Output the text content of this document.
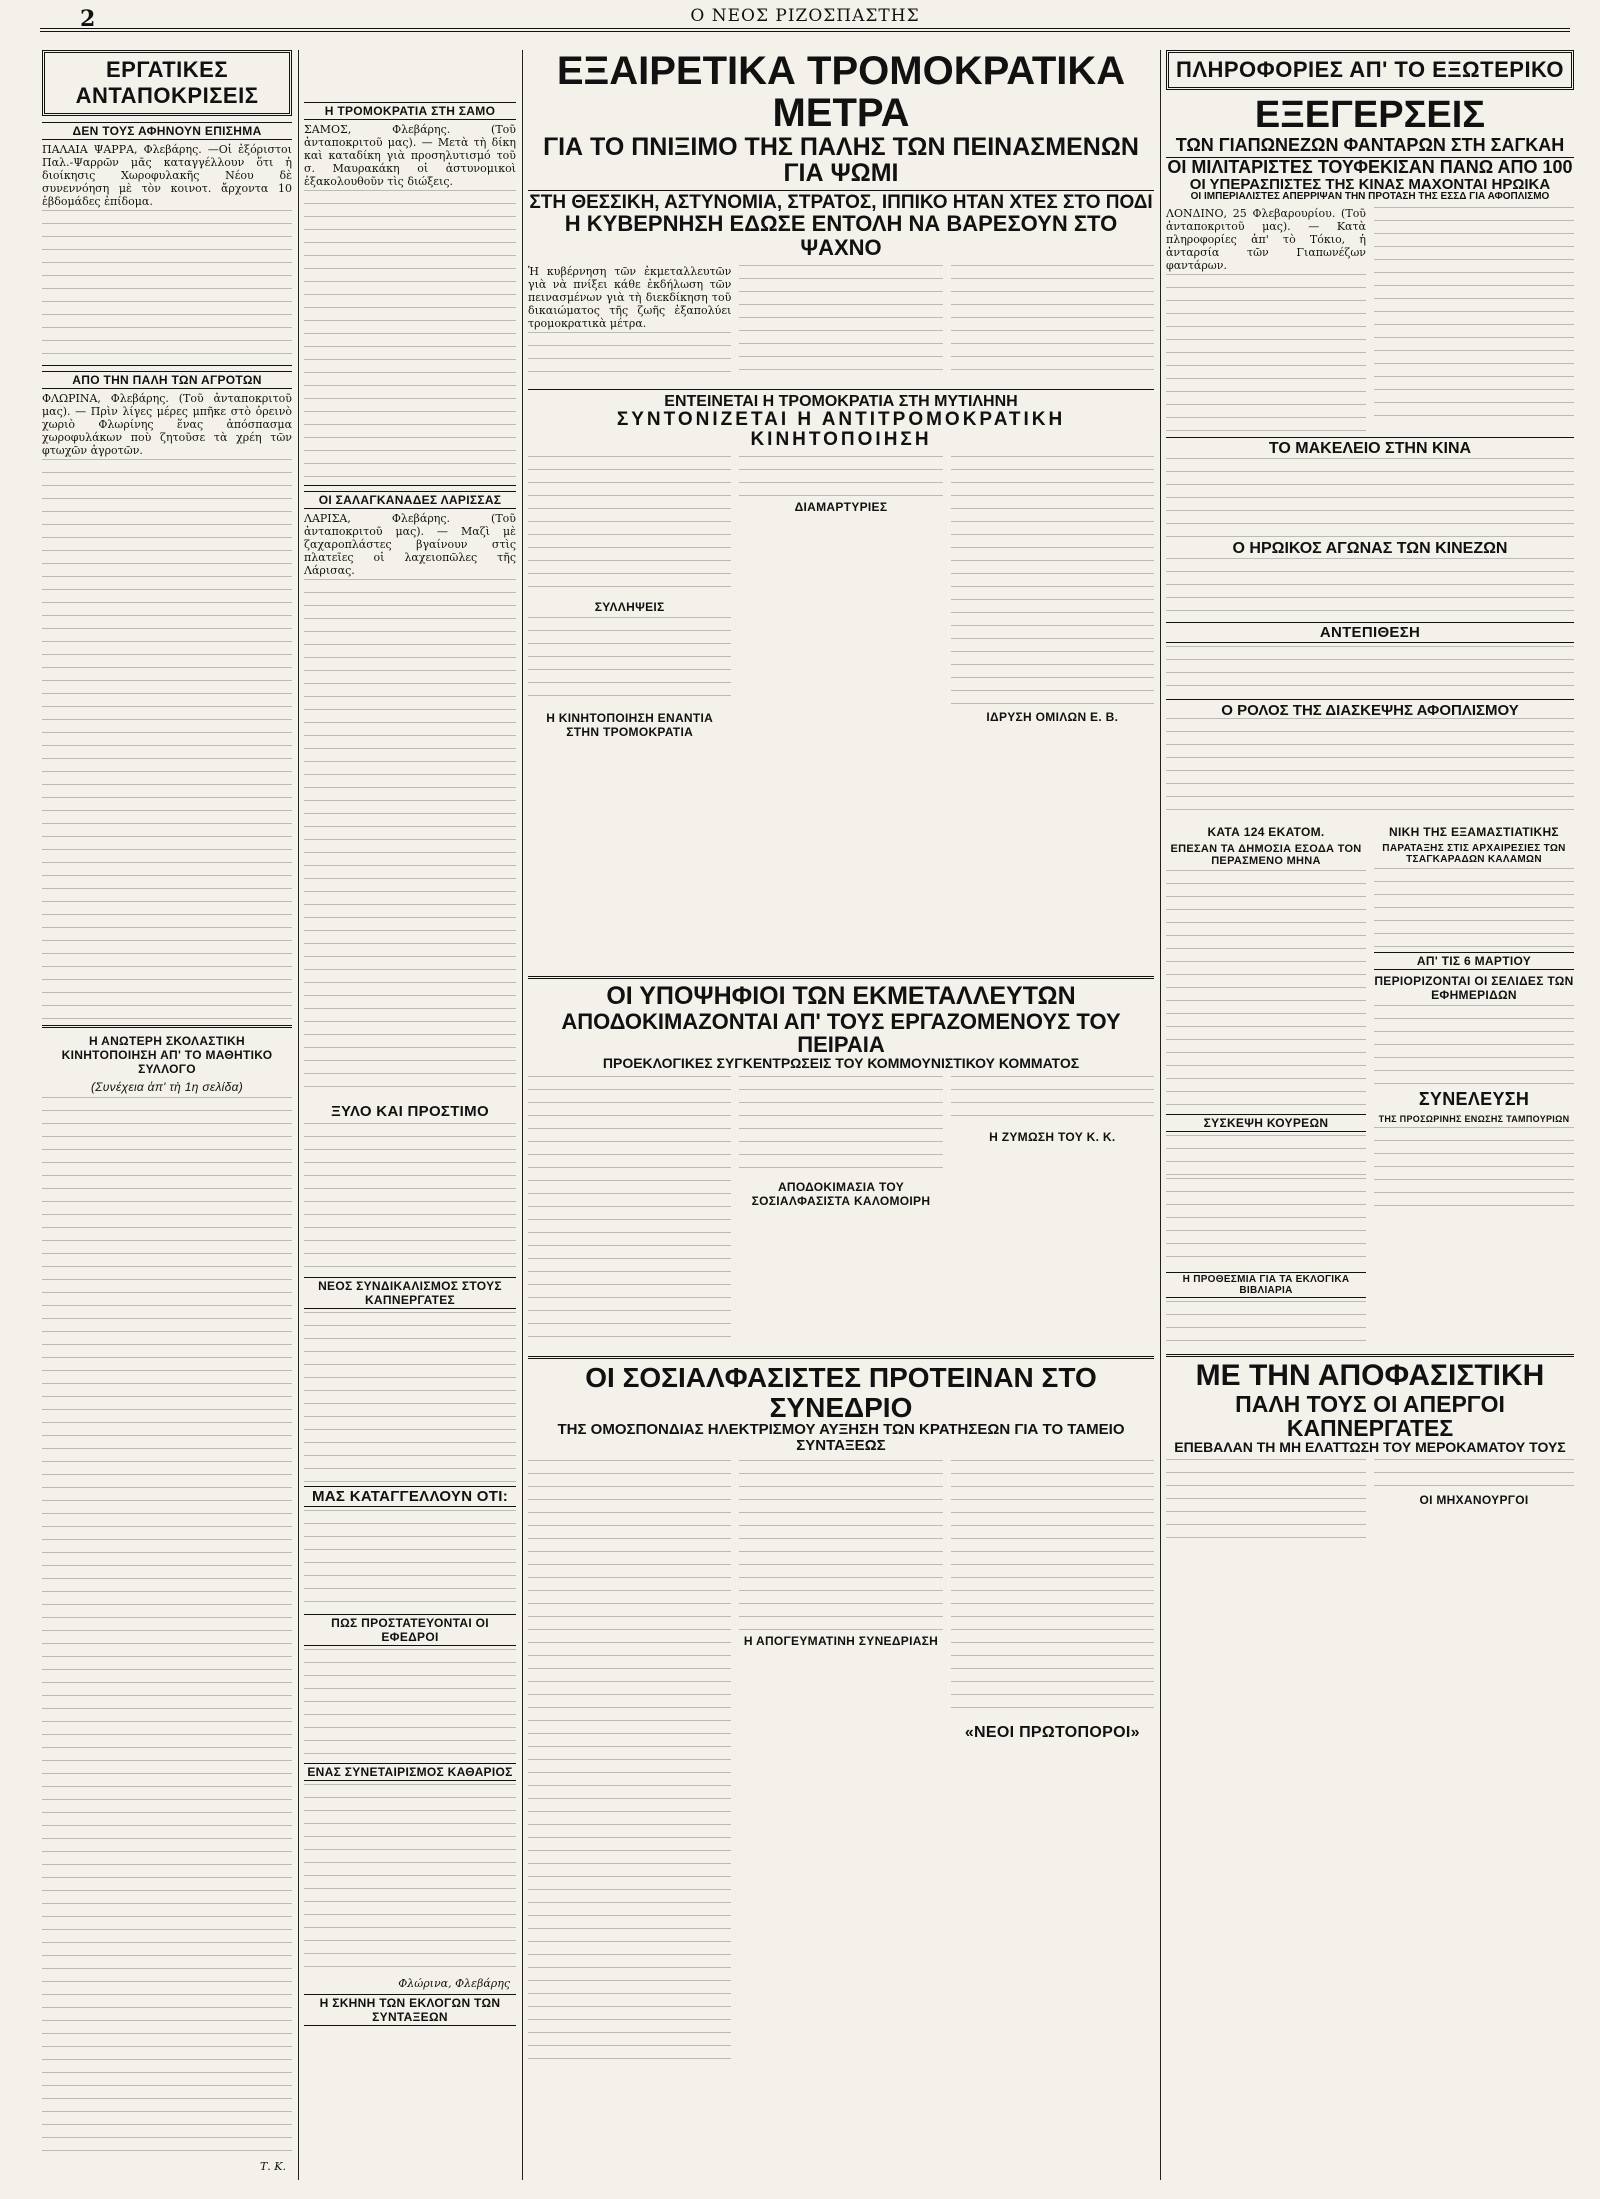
2	Ο ΝΕΟΣ ΡΙΖΟΣΠΑΣΤΗΣ
ΕΡΓΑΤΙΚΕΣ ΑΝΤΑΠΟΚΡΙΣΕΙΣ
ΔΕΝ ΤΟΥΣ ΑΦΗΝΟΥΝ ΕΠΙΣΗΜΑ

ΠΑΛΑΙΑ ΨΑΡΡΑ, Φλεβάρης. —Οἱ ἐξόριστοι Παλ.-Ψαρρῶν μᾶς καταγγέλλουν ὅτι ἡ διοίκησις Χωροφυλακῆς Νέου δὲ συνεννόηση μὲ τὸν κοινοτ. ἄρχοντα 10 ἑβδομάδες ἐπίδομα.

ΑΠΟ ΤΗΝ ΠΑΛΗ ΤΩΝ ΑΓΡΟΤΩΝ

ΦΛΩΡΙΝΑ, Φλεβάρης. (Τοῦ ἀνταποκριτοῦ μας). — Πρὶν λίγες μέρες μπῆκε στὸ ὀρεινὸ χωριὸ Φλωρίνης ἕνας ἀπόσπασμα χωροφυλάκων ποὺ ζητοῦσε τὰ χρέη τῶν φτωχῶν ἀγροτῶν.

Η ΑΝΩΤΕΡΗ ΣΚΟΛΑΣΤΙΚΗ ΚΙΝΗΤΟΠΟΙΗΣΗ ΑΠ' ΤΟ ΜΑΘΗΤΙΚΟ ΣΥΛΛΟΓΟ
(Συνέχεια ἀπ' τὴ 1η σελίδα)
Τ. Κ.
Η ΤΡΟΜΟΚΡΑΤΙΑ ΣΤΗ ΣΑΜΟ

ΣΑΜΟΣ, Φλεβάρης. (Τοῦ ἀνταποκριτοῦ μας). — Μετὰ τὴ δίκη καὶ καταδίκη γιὰ προσηλυτισμό τοῦ σ. Μαυρακάκη οἱ ἀστυνομικοὶ ἐξακολουθοῦν τὶς διώξεις.

ΟΙ ΣΑΛΑΓΚΑΝΑΔΕΣ ΛΑΡΙΣΣΑΣ

ΛΑΡΙΣΑ, Φλεβάρης. (Τοῦ ἀνταποκριτοῦ μας). — Μαζὶ μὲ ζαχαροπλάστες βγαίνουν στὶς πλατεῖες οἱ λαχειοπῶλες τῆς Λάρισας.

ΞΥΛΟ ΚΑΙ ΠΡΟΣΤΙΜΟ
ΝΕΟΣ ΣΥΝΔΙΚΑΛΙΣΜΟΣ ΣΤΟΥΣ ΚΑΠΝΕΡΓΑΤΕΣ
ΜΑΣ ΚΑΤΑΓΓΕΛΛΟΥΝ ΟΤΙ:
ΠΩΣ ΠΡΟΣΤΑΤΕΥΟΝΤΑΙ ΟΙ ΕΦΕΔΡΟΙ
ΕΝΑΣ ΣΥΝΕΤΑΙΡΙΣΜΟΣ ΚΑΘΑΡΙΟΣ
Φλώρινα, Φλεβάρης
Η ΣΚΗΝΗ ΤΩΝ ΕΚΛΟΓΩΝ ΤΩΝ ΣΥΝΤΑΞΕΩΝ
ΕΞΑΙΡΕΤΙΚΑ ΤΡΟΜΟΚΡΑΤΙΚΑ ΜΕΤΡΑ
ΓΙΑ ΤΟ ΠΝΙΞΙΜΟ ΤΗΣ ΠΑΛΗΣ ΤΩΝ ΠΕΙΝΑΣΜΕΝΩΝ ΓΙΑ ΨΩΜΙ
ΣΤΗ ΘΕΣΣΙΚΗ, ΑΣΤΥΝΟΜΙΑ, ΣΤΡΑΤΟΣ, ΙΠΠΙΚΟ ΗΤΑΝ ΧΤΕΣ ΣΤΟ ΠΟΔΙ
Η ΚΥΒΕΡΝΗΣΗ ΕΔΩΣΕ ΕΝΤΟΛΗ ΝΑ ΒΑΡΕΣΟΥΝ ΣΤΟ ΨΑΧΝΟ

Ἡ κυβέρνηση τῶν ἐκμεταλλευτῶν γιὰ νὰ πνίξει κάθε ἐκδήλωση τῶν πεινασμένων γιὰ τὴ διεκδίκηση τοῦ δικαιώματος τῆς ζωῆς ἐξαπολύει τρομοκρατικὰ μέτρα.

ΕΝΤΕΙΝΕΤΑΙ Η ΤΡΟΜΟΚΡΑΤΙΑ ΣΤΗ ΜΥΤΙΛΗΝΗ
ΣΥΝΤΟΝΙΖΕΤΑΙ Η ΑΝΤΙΤΡΟΜΟΚΡΑΤΙΚΗ ΚΙΝΗΤΟΠΟΙΗΣΗ
ΣΥΛΛΗΨΕΙΣ
Η ΚΙΝΗΤΟΠΟΙΗΣΗ ΕΝΑΝΤΙΑ ΣΤΗΝ ΤΡΟΜΟΚΡΑΤΙΑ
ΔΙΑΜΑΡΤΥΡΙΕΣ
ΙΔΡΥΣΗ ΟΜΙΛΩΝ Ε. Β.
ΟΙ ΥΠΟΨΗΦΙΟΙ ΤΩΝ ΕΚΜΕΤΑΛΛΕΥΤΩΝ
ΑΠΟΔΟΚΙΜΑΖΟΝΤΑΙ ΑΠ' ΤΟΥΣ ΕΡΓΑΖΟΜΕΝΟΥΣ ΤΟΥ ΠΕΙΡΑΙΑ
ΠΡΟΕΚΛΟΓΙΚΕΣ ΣΥΓΚΕΝΤΡΩΣΕΙΣ ΤΟΥ ΚΟΜΜΟΥΝΙΣΤΙΚΟΥ ΚΟΜΜΑΤΟΣ
ΑΠΟΔΟΚΙΜΑΣΙΑ ΤΟΥ ΣΟΣΙΑΛΦΑΣΙΣΤΑ ΚΑΛΟΜΟΙΡΗ
Η ΖΥΜΩΣΗ ΤΟΥ Κ. Κ.
ΟΙ ΣΟΣΙΑΛΦΑΣΙΣΤΕΣ ΠΡΟΤΕΙΝΑΝ ΣΤΟ ΣΥΝΕΔΡΙΟ
ΤΗΣ ΟΜΟΣΠΟΝΔΙΑΣ ΗΛΕΚΤΡΙΣΜΟΥ ΑΥΞΗΣΗ ΤΩΝ ΚΡΑΤΗΣΕΩΝ ΓΙΑ ΤΟ ΤΑΜΕΙΟ ΣΥΝΤΑΞΕΩΣ
Η ΑΠΟΓΕΥΜΑΤΙΝΗ ΣΥΝΕΔΡΙΑΣΗ
«ΝΕΟΙ ΠΡΩΤΟΠΟΡΟΙ»
ΠΛΗΡΟΦΟΡΙΕΣ ΑΠ' ΤΟ ΕΞΩΤΕΡΙΚΟ
ΕΞΕΓΕΡΣΕΙΣ
ΤΩΝ ΓΙΑΠΩΝΕΖΩΝ ΦΑΝΤΑΡΩΝ ΣΤΗ ΣΑΓΚΑΗ
ΟΙ ΜΙΛΙΤΑΡΙΣΤΕΣ ΤΟΥΦΕΚΙΣΑΝ ΠΑΝΩ ΑΠΟ 100
ΟΙ ΥΠΕΡΑΣΠΙΣΤΕΣ ΤΗΣ ΚΙΝΑΣ ΜΑΧΟΝΤΑΙ ΗΡΩΙΚΑ
ΟΙ ΙΜΠΕΡΙΑΛΙΣΤΕΣ ΑΠΕΡΡΙΨΑΝ ΤΗΝ ΠΡΟΤΑΣΗ ΤΗΣ ΕΣΣΔ ΓΙΑ ΑΦΟΠΛΙΣΜΟ

ΛΟΝΔΙΝΟ, 25 Φλεβαρουρίου. (Τοῦ ἀνταποκριτοῦ μας). — Κατὰ πληροφορίες ἀπ' τὸ Τόκιο, ἡ ἀνταρσία τῶν Γιαπωνέζων φαντάρων.

ΤΟ ΜΑΚΕΛΕΙΟ ΣΤΗΝ ΚΙΝΑ
Ο ΗΡΩΙΚΟΣ ΑΓΩΝΑΣ ΤΩΝ ΚΙΝΕΖΩΝ
ΑΝΤΕΠΙΘΕΣΗ
Ο ΡΟΛΟΣ ΤΗΣ ΔΙΑΣΚΕΨΗΣ ΑΦΟΠΛΙΣΜΟΥ
ΚΑΤΑ 124 ΕΚΑΤΟΜ.
ΕΠΕΣΑΝ ΤΑ ΔΗΜΟΣΙΑ ΕΣΟΔΑ ΤΟΝ ΠΕΡΑΣΜΕΝΟ ΜΗΝΑ
ΣΥΣΚΕΨΗ ΚΟΥΡΕΩΝ
Η ΠΡΟΘΕΣΜΙΑ ΓΙΑ ΤΑ ΕΚΛΟΓΙΚΑ ΒΙΒΛΙΑΡΙΑ
ΝΙΚΗ ΤΗΣ ΕΞΑΜΑΣΤΙΑΤΙΚΗΣ
ΠΑΡΑΤΑΞΗΣ ΣΤΙΣ ΑΡΧΑΙΡΕΣΙΕΣ ΤΩΝ ΤΣΑΓΚΑΡΑΔΩΝ ΚΑΛΑΜΩΝ
ΑΠ' ΤΙΣ 6 ΜΑΡΤΙΟΥ
ΠΕΡΙΟΡΙΖΟΝΤΑΙ ΟΙ ΣΕΛΙΔΕΣ ΤΩΝ ΕΦΗΜΕΡΙΔΩΝ
ΣΥΝΕΛΕΥΣΗ
ΤΗΣ ΠΡΟΣΩΡΙΝΗΣ ΕΝΩΣΗΣ ΤΑΜΠΟΥΡΙΩΝ
ΜΕ ΤΗΝ ΑΠΟΦΑΣΙΣΤΙΚΗ
ΠΑΛΗ ΤΟΥΣ ΟΙ ΑΠΕΡΓΟΙ ΚΑΠΝΕΡΓΑΤΕΣ
ΕΠΕΒΑΛΑΝ ΤΗ ΜΗ ΕΛΑΤΤΩΣΗ ΤΟΥ ΜΕΡΟΚΑΜΑΤΟΥ ΤΟΥΣ
ΟΙ ΜΗΧΑΝΟΥΡΓΟΙ
